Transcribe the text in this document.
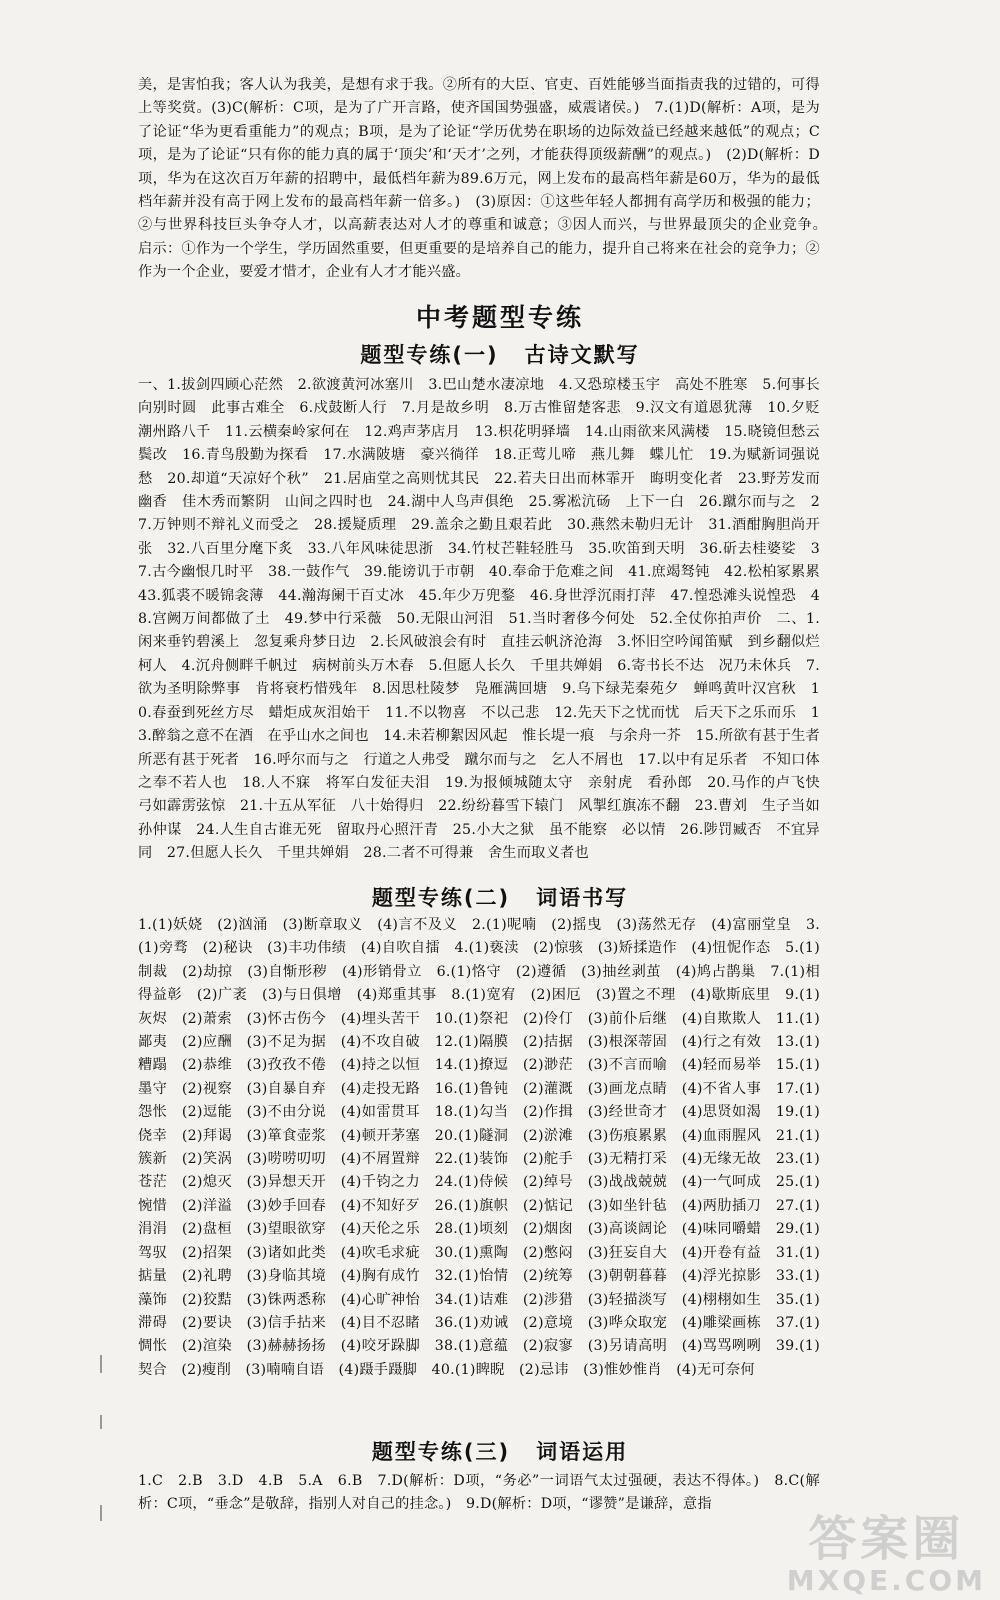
美，是害怕我；客人认为我美，是想有求于我。②所有的大臣、官吏、百姓能够当面指责我的过错的，可得上等奖赏。(3)C(解析：C项，是为了广开言路，使齐国国势强盛，威震诸侯。)　7.(1)D(解析：A项，是为了论证“华为更看重能力”的观点；B项，是为了论证“学历优势在职场的边际效益已经越来越低”的观点；C项，是为了论证“只有你的能力真的属于‘顶尖’和‘天才’之列，才能获得顶级薪酬”的观点。)　(2)D(解析：D项，华为在这次百万年薪的招聘中，最低档年薪为89.6万元，网上发布的最高档年薪是60万，华为的最低档年薪并没有高于网上发布的最高档年薪一倍多。)　(3)原因：①这些年轻人都拥有高学历和极强的能力；②与世界科技巨头争夺人才，以高薪表达对人才的尊重和诚意；③因人而兴，与世界最顶尖的企业竞争。　启示：①作为一个学生，学历固然重要，但更重要的是培养自己的能力，提升自己将来在社会的竞争力；②作为一个企业，要爱才惜才，企业有人才才能兴盛。
中考题型专练
题型专练(一) 古诗文默写
一、1.拔剑四顾心茫然　2.欲渡黄河冰塞川　3.巴山楚水凄凉地　4.又恐琼楼玉宇　高处不胜寒　5.何事长向别时圆　此事古难全　6.戍鼓断人行　7.月是故乡明　8.万古惟留楚客悲　9.汉文有道恩犹薄　10.夕贬潮州路八千　11.云横秦岭家何在　12.鸡声茅店月　13.枳花明驿墙　14.山雨欲来风满楼　15.晓镜但愁云鬓改　16.青鸟殷勤为探看　17.水满陂塘　豪兴徜徉　18.正莺儿啼　燕儿舞　蝶儿忙　19.为赋新词强说愁　20.却道“天凉好个秋”　21.居庙堂之高则忧其民　22.若夫日出而林霏开　晦明变化者　23.野芳发而幽香　佳木秀而繁阴　山间之四时也　24.湖中人鸟声俱绝　25.雾凇沆砀　上下一白　26.蹴尔而与之　27.万钟则不辩礼义而受之　28.援疑质理　29.盖余之勤且艰若此　30.燕然未勒归无计　31.酒酣胸胆尚开张　32.八百里分麾下炙　33.八年风味徒思浙　34.竹杖芒鞋轻胜马　35.吹笛到天明　36.斫去桂婆娑　37.古今幽恨几时平　38.一鼓作气　39.能谤讥于市朝　40.奉命于危难之间　41.庶竭驽钝　42.松柏冢累累　43.狐裘不暖锦衾薄　44.瀚海阑干百丈冰　45.年少万兜鍪　46.身世浮沉雨打萍　47.惶恐滩头说惶恐　48.宫阙万间都做了土　49.梦中行采薇　50.无限山河泪　51.当时奢侈今何处　52.全仗你拍声价　二、1.闲来垂钓碧溪上　忽复乘舟梦日边　2.长风破浪会有时　直挂云帆济沧海　3.怀旧空吟闻笛赋　到乡翻似烂柯人　4.沉舟侧畔千帆过　病树前头万木春　5.但愿人长久　千里共婵娟　6.寄书长不达　况乃未休兵　7.欲为圣明除弊事　肯将衰朽惜残年　8.因思杜陵梦　凫雁满回塘　9.乌下绿芜秦苑夕　蝉鸣黄叶汉宫秋　10.春蚕到死丝方尽　蜡炬成灰泪始干　11.不以物喜　不以己悲　12.先天下之忧而忧　后天下之乐而乐　13.醉翁之意不在酒　在乎山水之间也　14.未若柳絮因风起　惟长堤一痕　与余舟一芥　15.所欲有甚于生者　所恶有甚于死者　16.呼尔而与之　行道之人弗受　蹴尔而与之　乞人不屑也　17.以中有足乐者　不知口体之奉不若人也　18.人不寐　将军白发征夫泪　19.为报倾城随太守　亲射虎　看孙郎　20.马作的卢飞快　弓如霹雳弦惊　21.十五从军征　八十始得归　22.纷纷暮雪下辕门　风掣红旗冻不翻　23.曹刘　生子当如孙仲谋　24.人生自古谁无死　留取丹心照汗青　25.小大之狱　虽不能察　必以情　26.陟罚臧否　不宜异同　27.但愿人长久　千里共婵娟　28.二者不可得兼　舍生而取义者也
题型专练(二) 词语书写
1.(1)妖娆　(2)汹涌　(3)断章取义　(4)言不及义　2.(1)呢喃　(2)摇曳　(3)荡然无存　(4)富丽堂皇　3.(1)旁骛　(2)秘诀　(3)丰功伟绩　(4)自吹自擂　4.(1)亵渎　(2)惊骇　(3)矫揉造作　(4)忸怩作态　5.(1)制裁　(2)劫掠　(3)自惭形秽　(4)形销骨立　6.(1)恪守　(2)遵循　(3)抽丝剥茧　(4)鸠占鹊巢　7.(1)相得益彰　(2)广袤　(3)与日俱增　(4)郑重其事　8.(1)宽宥　(2)困厄　(3)置之不理　(4)歇斯底里　9.(1)灰烬　(2)萧索　(3)怀古伤今　(4)埋头苦干　10.(1)祭祀　(2)伶仃　(3)前仆后继　(4)自欺欺人　11.(1)鄙夷　(2)应酬　(3)不足为据　(4)不攻自破　12.(1)隔膜　(2)拮据　(3)根深蒂固　(4)行之有效　13.(1)糟蹋　(2)恭维　(3)孜孜不倦　(4)持之以恒　14.(1)撩逗　(2)渺茫　(3)不言而喻　(4)轻而易举　15.(1)墨守　(2)视察　(3)自暴自弃　(4)走投无路　16.(1)鲁钝　(2)灌溉　(3)画龙点睛　(4)不省人事　17.(1)怨怅　(2)逗能　(3)不由分说　(4)如雷贯耳　18.(1)勾当　(2)作揖　(3)经世奇才　(4)思贤如渴　19.(1)侥幸　(2)拜谒　(3)箪食壶浆　(4)顿开茅塞　20.(1)隧洞　(2)淤滩　(3)伤痕累累　(4)血雨腥风　21.(1)簇新　(2)笑涡　(3)唠唠叨叨　(4)不屑置辩　22.(1)装饰　(2)舵手　(3)无精打采　(4)无缘无故　23.(1)苍茫　(2)熄灭　(3)异想天开　(4)千钧之力　24.(1)侍候　(2)绰号　(3)战战兢兢　(4)一气呵成　25.(1)惋惜　(2)洋溢　(3)妙手回春　(4)不知好歹　26.(1)旗帜　(2)惦记　(3)如坐针毡　(4)两肋插刀　27.(1)涓涓　(2)盘桓　(3)望眼欲穿　(4)天伦之乐　28.(1)顷刻　(2)烟囱　(3)高谈阔论　(4)味同嚼蜡　29.(1)驾驭　(2)招架　(3)诸如此类　(4)吹毛求疵　30.(1)熏陶　(2)憋闷　(3)狂妄自大　(4)开卷有益　31.(1)掂量　(2)礼聘　(3)身临其境　(4)胸有成竹　32.(1)怡情　(2)统筹　(3)朝朝暮暮　(4)浮光掠影　33.(1)藻饰　(2)狡黠　(3)铢两悉称　(4)心旷神怡　34.(1)诘难　(2)涉猎　(3)轻描淡写　(4)栩栩如生　35.(1)滞碍　(2)要诀　(3)信手拈来　(4)目不忍睹　36.(1)劝诫　(2)意境　(3)哗众取宠　(4)雕梁画栋　37.(1)惆怅　(2)渲染　(3)赫赫扬扬　(4)咬牙跺脚　38.(1)意蕴　(2)寂寥　(3)另请高明　(4)骂骂咧咧　39.(1)契合　(2)瘦削　(3)喃喃自语　(4)蹑手蹑脚　40.(1)睥睨　(2)忌讳　(3)惟妙惟肖　(4)无可奈何
题型专练(三) 词语运用
1.C　2.B　3.D　4.B　5.A　6.B　7.D(解析：D项，“务必”一词语气太过强硬，表达不得体。)　8.C(解析：C项，“垂念”是敬辞，指别人对自己的挂念。)　9.D(解析：D项，“谬赞”是谦辞，意指
答案圈
MXQE.COM
